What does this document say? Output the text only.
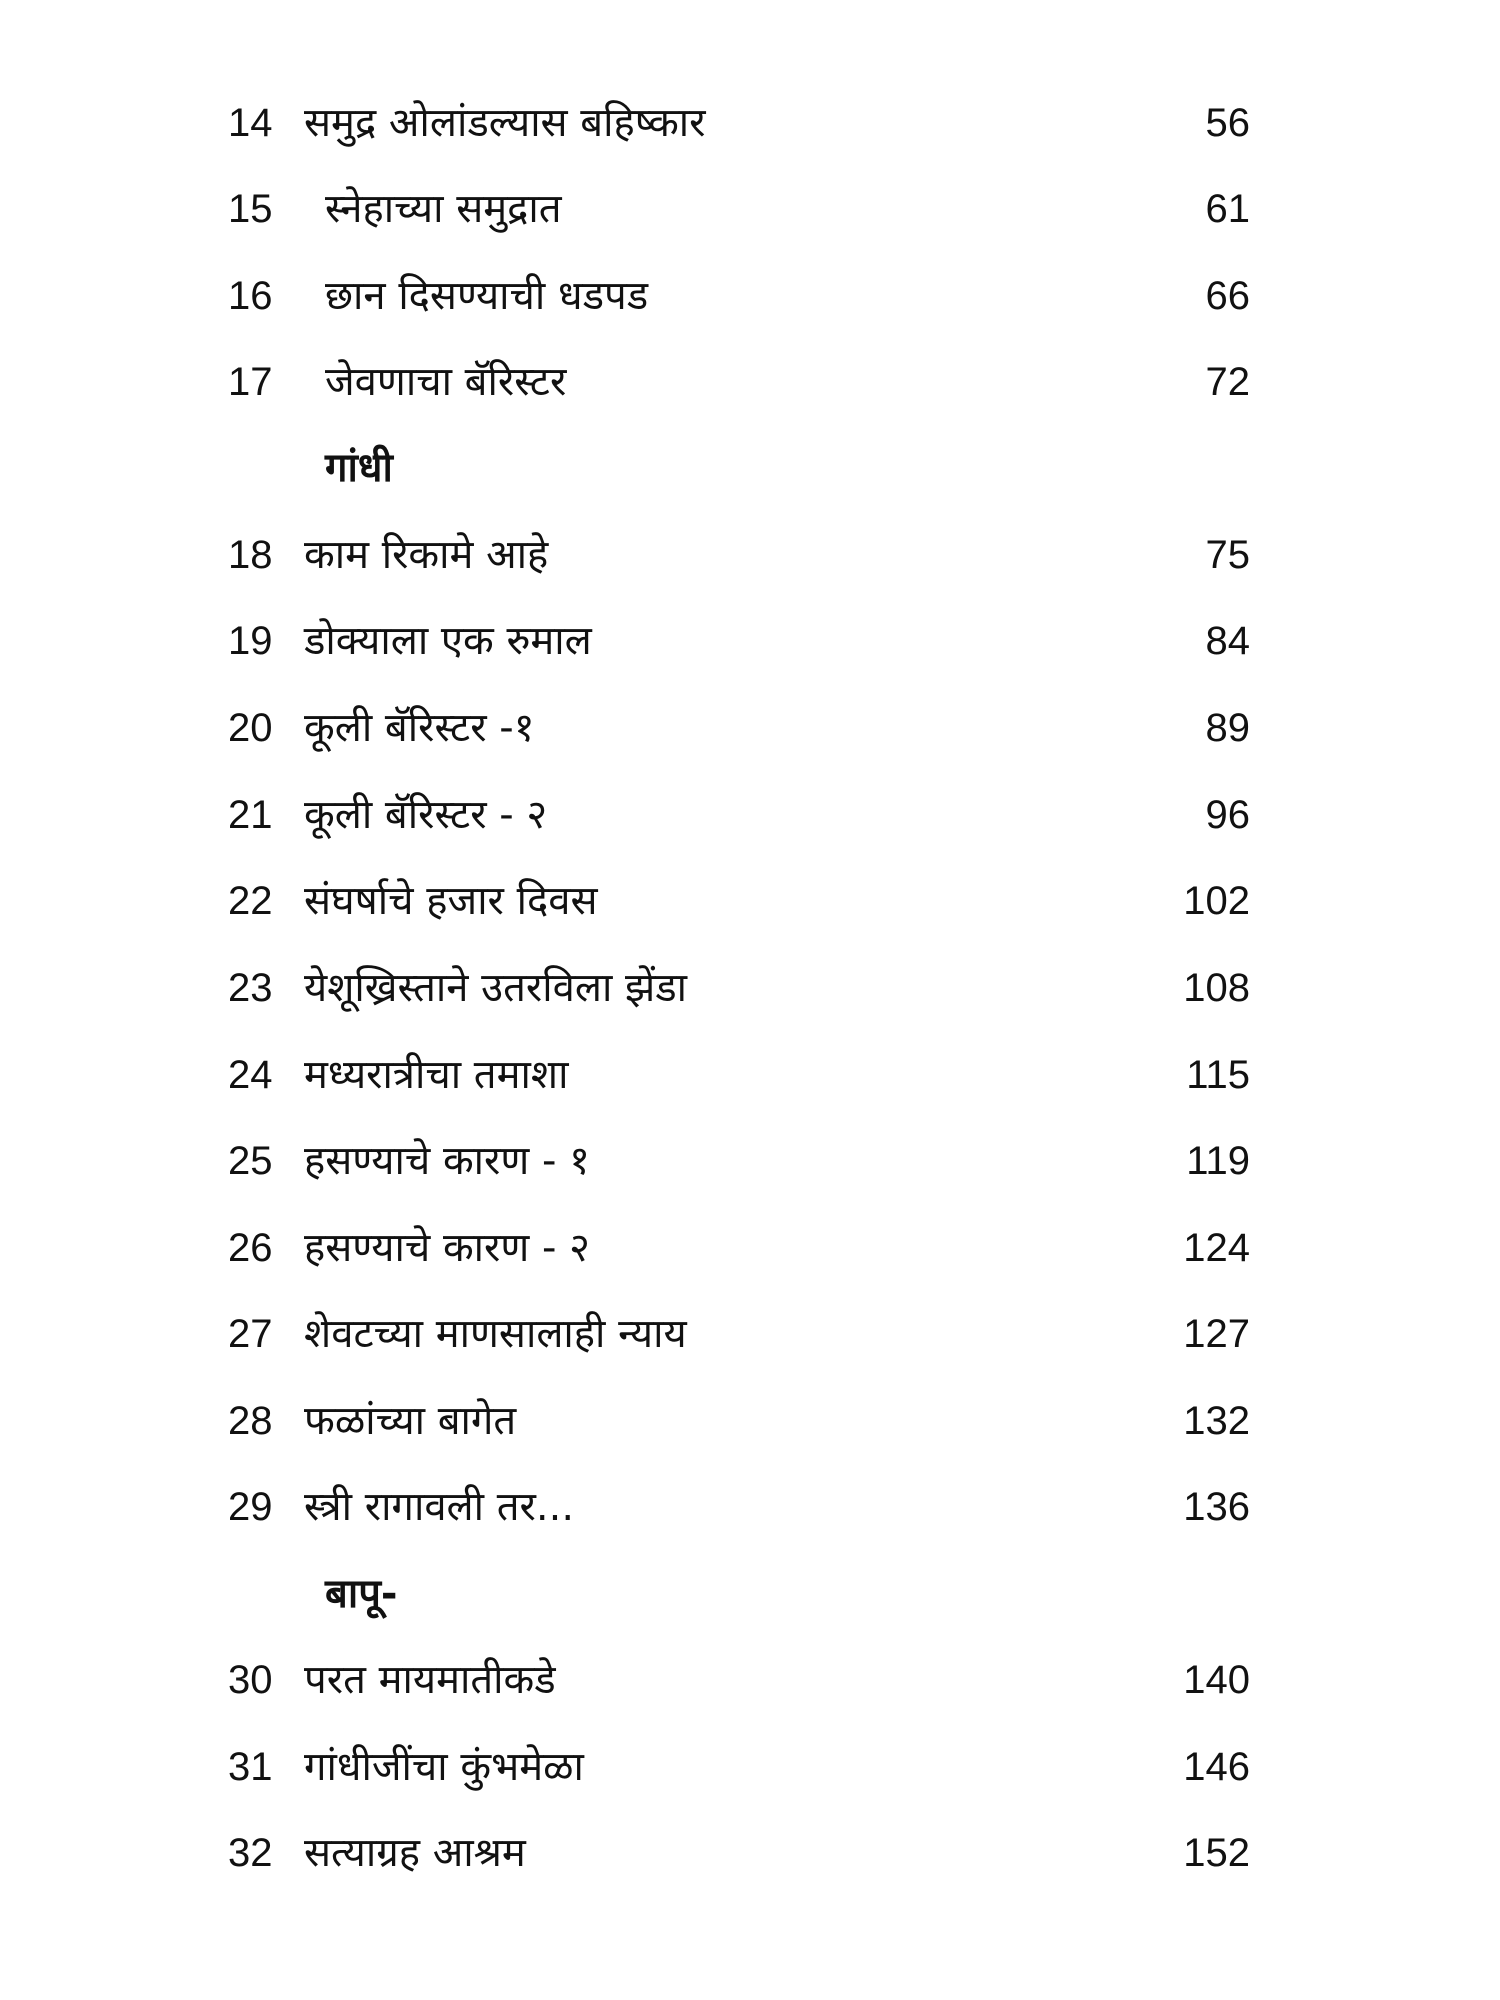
14 समुद्र ओलांडल्यास बहिष्कार	56
15 स्नेहाच्या समुद्रात	61
16 छान दिसण्याची धडपड	66
17 जेवणाचा बॅरिस्टर	72
गांधी
18 काम रिकामे आहे	75
19 डोक्याला एक रुमाल	84
20 कूली बॅरिस्टर -१	89
21 कूली बॅरिस्टर - २	96
22 संघर्षाचे हजार दिवस	102
23 येशूख्रिस्ताने उतरविला झेंडा	108
24 मध्यरात्रीचा तमाशा	115
25 हसण्याचे कारण - १	119
26 हसण्याचे कारण - २	124
27 शेवटच्या माणसालाही न्याय	127
28 फळांच्या बागेत	132
29 स्त्री रागावली तर...	136
बापू-
30 परत मायमातीकडे	140
31 गांधीजींचा कुंभमेळा	146
32 सत्याग्रह आश्रम	152
